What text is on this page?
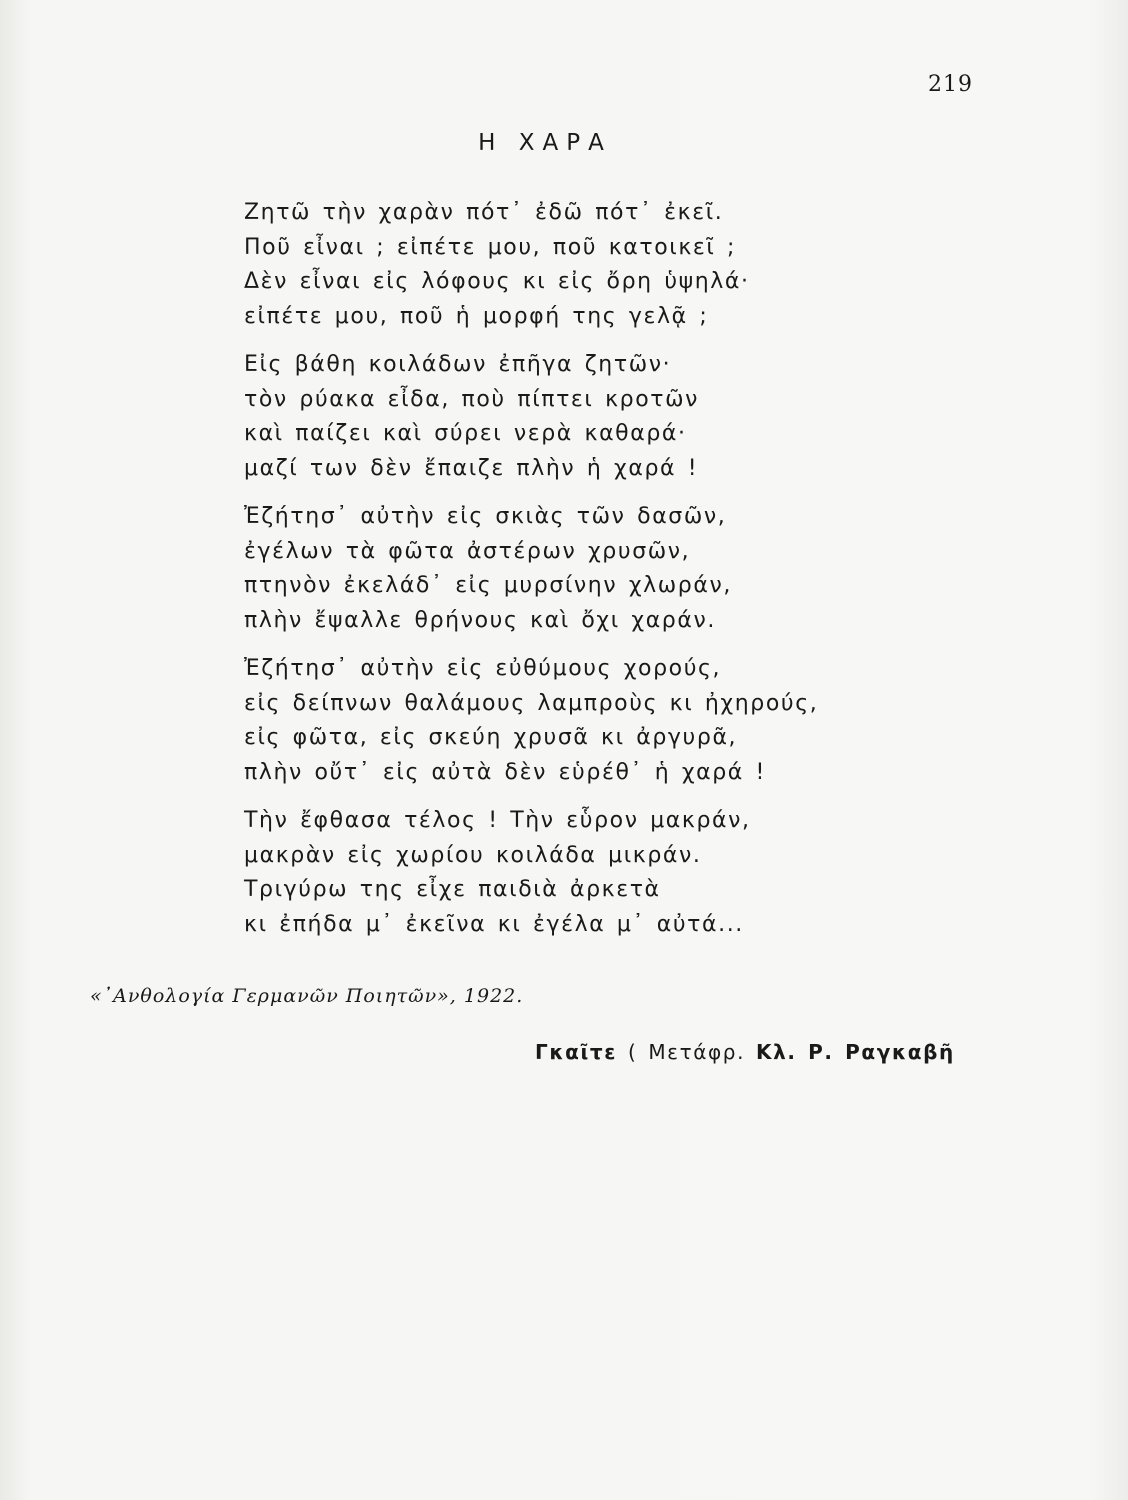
219
Η ΧΑΡΑ
Ζητῶ τὴν χαρὰν πότ᾽ ἐδῶ πότ᾽ ἐκεῖ.
Ποῦ εἶναι ; εἰπέτε μου, ποῦ κατοικεῖ ;
Δὲν εἶναι εἰς λόφους κι εἰς ὄρη ὑψηλά·
εἰπέτε μου, ποῦ ἡ μορφή της γελᾷ ;
Εἰς βάθη κοιλάδων ἐπῆγα ζητῶν·
τὸν ρύακα εἶδα, ποὺ πίπτει κροτῶν
καὶ παίζει καὶ σύρει νερὰ καθαρά·
μαζί των δὲν ἔπαιζε πλὴν ἡ χαρά !
Ἐζήτησ᾽ αὐτὴν εἰς σκιὰς τῶν δασῶν,
ἐγέλων τὰ φῶτα ἀστέρων χρυσῶν,
πτηνὸν ἐκελάδ᾽ εἰς μυρσίνην χλωράν,
πλὴν ἔψαλλε θρήνους καὶ ὄχι χαράν.
Ἐζήτησ᾽ αὐτὴν εἰς εὐθύμους χορούς,
εἰς δείπνων θαλάμους λαμπροὺς κι ἠχηρούς,
εἰς φῶτα, εἰς σκεύη χρυσᾶ κι ἀργυρᾶ,
πλὴν οὔτ᾽ εἰς αὐτὰ δὲν εὑρέθ᾽ ἡ χαρά !
Τὴν ἔφθασα τέλος ! Τὴν εὗρον μακράν,
μακρὰν εἰς χωρίου κοιλάδα μικράν.
Τριγύρω της εἶχε παιδιὰ ἀρκετὰ
κι ἐπήδα μ᾽ ἐκεῖνα κι ἐγέλα μ᾽ αὐτά...
«᾿Ανθολογία Γερμανῶν Ποιητῶν», 1922.
Γκαῖτε ( Μετάφρ. Κλ. Ρ. Ραγκαβῆ
